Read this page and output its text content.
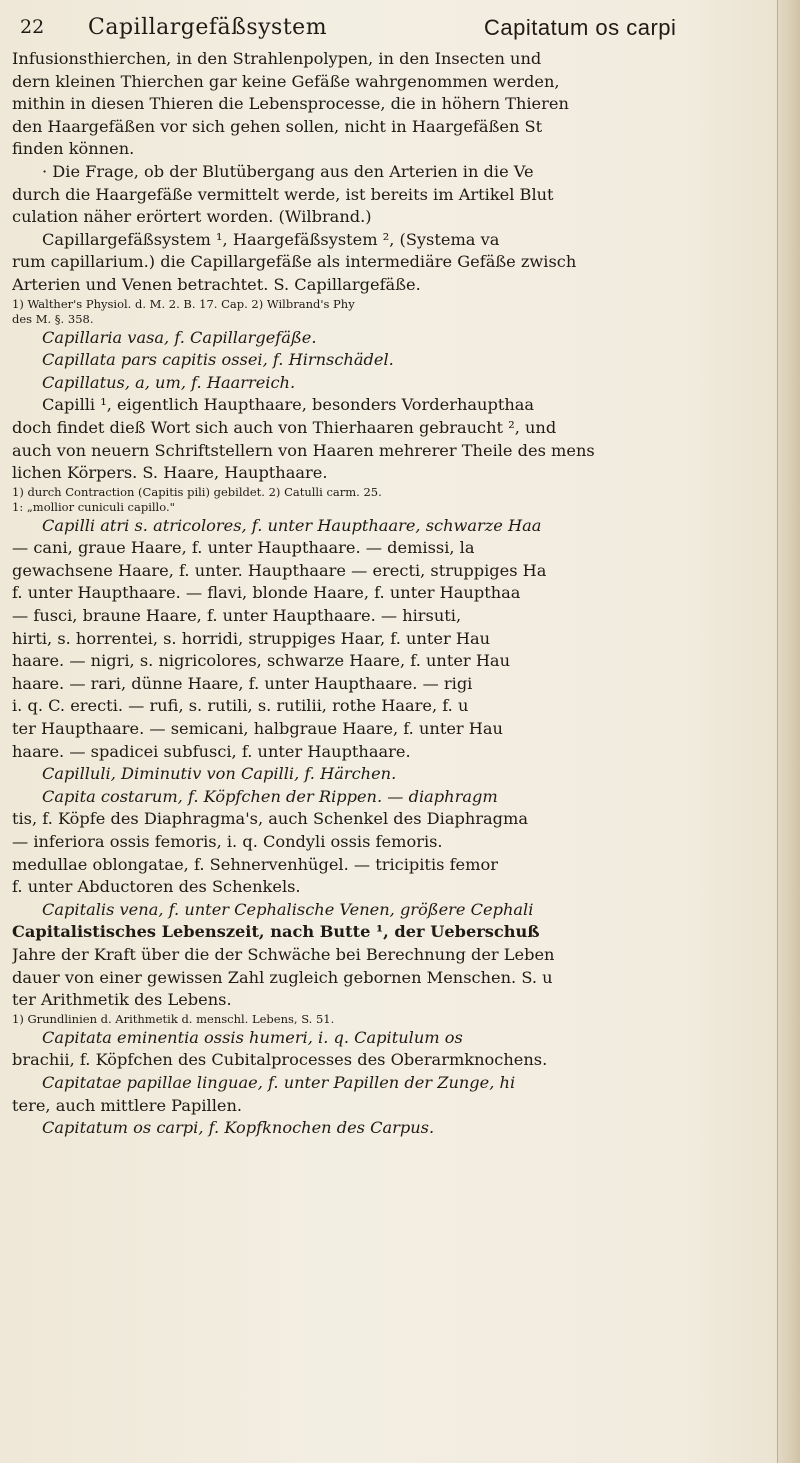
22 Capillargefäßsystem	Capitatum os carpi
Infusionsthierchen, in den Strahlenpolypen, in den Insecten und
dern kleinen Thierchen gar keine Gefäße wahrgenommen werden,
mithin in diesen Thieren die Lebensprocesse, die in höhern Thieren
den Haargefäßen vor sich gehen sollen, nicht in Haargefäßen St
finden können.
· Die Frage, ob der Blutübergang aus den Arterien in die Ve
durch die Haargefäße vermittelt werde, ist bereits im Artikel Blut
culation näher erörtert worden. (Wilbrand.)
Capillargefäßsystem ¹, Haargefäßsystem ², (Systema va
rum capillarium.) die Capillargefäße als intermediäre Gefäße zwisch
Arterien und Venen betrachtet. S. Capillargefäße.
1) Walther's Physiol. d. M. 2. B. 17. Cap. 2) Wilbrand's Phy
des M. §. 358.
Capillaria vasa, f. Capillargefäße.
Capillata pars capitis ossei, f. Hirnschädel.
Capillatus, a, um, f. Haarreich.
Capilli ¹, eigentlich Haupthaare, besonders Vorderhaupthaa
doch findet dieß Wort sich auch von Thierhaaren gebraucht ², und
auch von neuern Schriftstellern von Haaren mehrerer Theile des mens
lichen Körpers. S. Haare, Haupthaare.
1) durch Contraction (Capitis pili) gebildet. 2) Catulli carm. 25.
1: „mollior cuniculi capillo."
Capilli atri s. atricolores, f. unter Haupthaare, schwarze Haa
— cani, graue Haare, f. unter Haupthaare. — demissi, la
gewachsene Haare, f. unter. Haupthaare — erecti, struppiges Ha
f. unter Haupthaare. — flavi, blonde Haare, f. unter Haupthaa
— fusci, braune Haare, f. unter Haupthaare. — hirsuti,
hirti, s. horrentei, s. horridi, struppiges Haar, f. unter Hau
haare. — nigri, s. nigricolores, schwarze Haare, f. unter Hau
haare. — rari, dünne Haare, f. unter Haupthaare. — rigi
i. q. C. erecti. — rufi, s. rutili, s. rutilii, rothe Haare, f. u
ter Haupthaare. — semicani, halbgraue Haare, f. unter Hau
haare. — spadicei subfusci, f. unter Haupthaare.
Capilluli, Diminutiv von Capilli, f. Härchen.
Capita costarum, f. Köpfchen der Rippen. — diaphragm
tis, f. Köpfe des Diaphragma's, auch Schenkel des Diaphragma
— inferiora ossis femoris, i. q. Condyli ossis femoris.
medullae oblongatae, f. Sehnervenhügel. — tricipitis femor
f. unter Abductoren des Schenkels.
Capitalis vena, f. unter Cephalische Venen, größere Cephali
Capitalistisches Lebenszeit, nach Butte ¹, der Ueberschuß
Jahre der Kraft über die der Schwäche bei Berechnung der Leben
dauer von einer gewissen Zahl zugleich gebornen Menschen. S. u
ter Arithmetik des Lebens.
1) Grundlinien d. Arithmetik d. menschl. Lebens, S. 51.
Capitata eminentia ossis humeri, i. q. Capitulum os
brachii, f. Köpfchen des Cubitalprocesses des Oberarmknochens.
Capitatae papillae linguae, f. unter Papillen der Zunge, hi
tere, auch mittlere Papillen.
Capitatum os carpi, f. Kopfknochen des Carpus.
